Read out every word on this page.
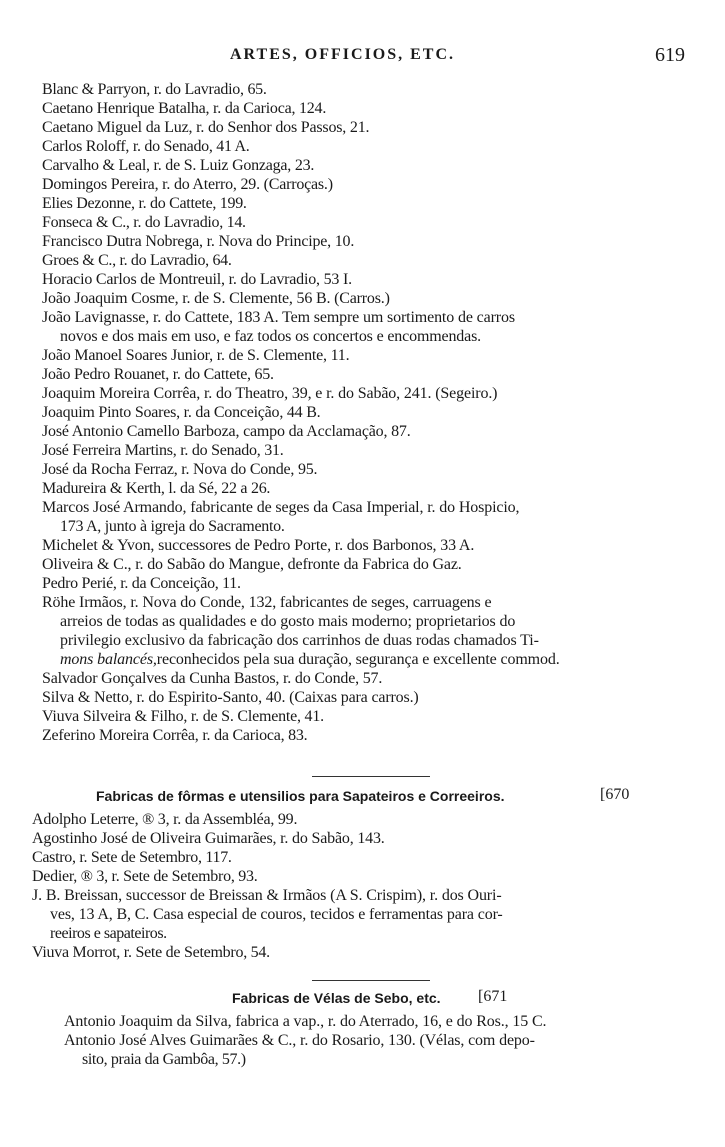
ARTES, OFFICIOS, ETC.	619
Blanc & Parryon, r. do Lavradio, 65.
Caetano Henrique Batalha, r. da Carioca, 124.
Caetano Miguel da Luz, r. do Senhor dos Passos, 21.
Carlos Roloff, r. do Senado, 41 A.
Carvalho & Leal, r. de S. Luiz Gonzaga, 23.
Domingos Pereira, r. do Aterro, 29. (Carroças.)
Elies Dezonne, r. do Cattete, 199.
Fonseca & C., r. do Lavradio, 14.
Francisco Dutra Nobrega, r. Nova do Principe, 10.
Groes & C., r. do Lavradio, 64.
Horacio Carlos de Montreuil, r. do Lavradio, 53 I.
João Joaquim Cosme, r. de S. Clemente, 56 B. (Carros.)
João Lavignasse, r. do Cattete, 183 A. Tem sempre um sortimento de carros
novos e dos mais em uso, e faz todos os concertos e encommendas.
João Manoel Soares Junior, r. de S. Clemente, 11.
João Pedro Rouanet, r. do Cattete, 65.
Joaquim Moreira Corrêa, r. do Theatro, 39, e r. do Sabão, 241. (Segeiro.)
Joaquim Pinto Soares, r. da Conceição, 44 B.
José Antonio Camello Barboza, campo da Acclamação, 87.
José Ferreira Martins, r. do Senado, 31.
José da Rocha Ferraz, r. Nova do Conde, 95.
Madureira & Kerth, l. da Sé, 22 a 26.
Marcos José Armando, fabricante de seges da Casa Imperial, r. do Hospicio,
173 A, junto à igreja do Sacramento.
Michelet & Yvon, successores de Pedro Porte, r. dos Barbonos, 33 A.
Oliveira & C., r. do Sabão do Mangue, defronte da Fabrica do Gaz.
Pedro Perié, r. da Conceição, 11.
Röhe Irmãos, r. Nova do Conde, 132, fabricantes de seges, carruagens e
arreios de todas as qualidades e do gosto mais moderno; proprietarios do
privilegio exclusivo da fabricação dos carrinhos de duas rodas chamados Ti-
mons balancés,reconhecidos pela sua duração, segurança e excellente commod.
Salvador Gonçalves da Cunha Bastos, r. do Conde, 57.
Silva & Netto, r. do Espirito-Santo, 40. (Caixas para carros.)
Viuva Silveira & Filho, r. de S. Clemente, 41.
Zeferino Moreira Corrêa, r. da Carioca, 83.
Fabricas de fôrmas e utensilios para Sapateiros e Correeiros.	[670
Adolpho Leterre, ® 3, r. da Assembléa, 99.
Agostinho José de Oliveira Guimarães, r. do Sabão, 143.
Castro, r. Sete de Setembro, 117.
Dedier, ® 3, r. Sete de Setembro, 93.
J. B. Breissan, successor de Breissan & Irmãos (A S. Crispim), r. dos Ouri-
ves, 13 A, B, C. Casa especial de couros, tecidos e ferramentas para cor-
reeiros e sapateiros.
Viuva Morrot, r. Sete de Setembro, 54.
Fabricas de Vélas de Sebo, etc. [671
Antonio Joaquim da Silva, fabrica a vap., r. do Aterrado, 16, e do Ros., 15 C.
Antonio José Alves Guimarães & C., r. do Rosario, 130. (Vélas, com depo-
sito, praia da Gambôa, 57.)
